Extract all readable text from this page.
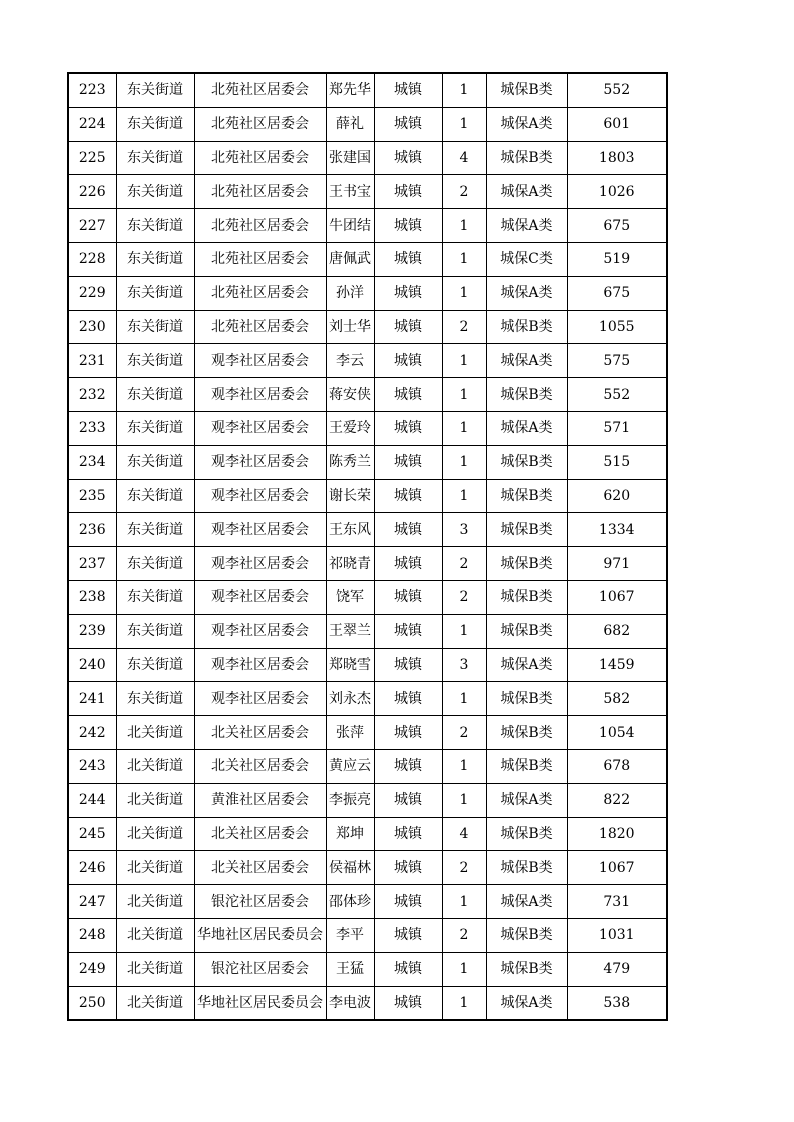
223	东关街道	北苑社区居委会	郑先华	城镇	1	城保B类	552
224	东关街道	北苑社区居委会	薛礼	城镇	1	城保A类	601
225	东关街道	北苑社区居委会	张建国	城镇	4	城保B类	1803
226	东关街道	北苑社区居委会	王书宝	城镇	2	城保A类	1026
227	东关街道	北苑社区居委会	牛团结	城镇	1	城保A类	675
228	东关街道	北苑社区居委会	唐佩武	城镇	1	城保C类	519
229	东关街道	北苑社区居委会	孙洋	城镇	1	城保A类	675
230	东关街道	北苑社区居委会	刘士华	城镇	2	城保B类	1055
231	东关街道	观李社区居委会	李云	城镇	1	城保A类	575
232	东关街道	观李社区居委会	蒋安侠	城镇	1	城保B类	552
233	东关街道	观李社区居委会	王爱玲	城镇	1	城保A类	571
234	东关街道	观李社区居委会	陈秀兰	城镇	1	城保B类	515
235	东关街道	观李社区居委会	谢长荣	城镇	1	城保B类	620
236	东关街道	观李社区居委会	王东风	城镇	3	城保B类	1334
237	东关街道	观李社区居委会	祁晓青	城镇	2	城保B类	971
238	东关街道	观李社区居委会	饶军	城镇	2	城保B类	1067
239	东关街道	观李社区居委会	王翠兰	城镇	1	城保B类	682
240	东关街道	观李社区居委会	郑晓雪	城镇	3	城保A类	1459
241	东关街道	观李社区居委会	刘永杰	城镇	1	城保B类	582
242	北关街道	北关社区居委会	张萍	城镇	2	城保B类	1054
243	北关街道	北关社区居委会	黄应云	城镇	1	城保B类	678
244	北关街道	黄淮社区居委会	李振亮	城镇	1	城保A类	822
245	北关街道	北关社区居委会	郑坤	城镇	4	城保B类	1820
246	北关街道	北关社区居委会	侯福林	城镇	2	城保B类	1067
247	北关街道	银沱社区居委会	邵体珍	城镇	1	城保A类	731
248	北关街道	华地社区居民委员会	李平	城镇	2	城保B类	1031
249	北关街道	银沱社区居委会	王猛	城镇	1	城保B类	479
250	北关街道	华地社区居民委员会	李电波	城镇	1	城保A类	538
